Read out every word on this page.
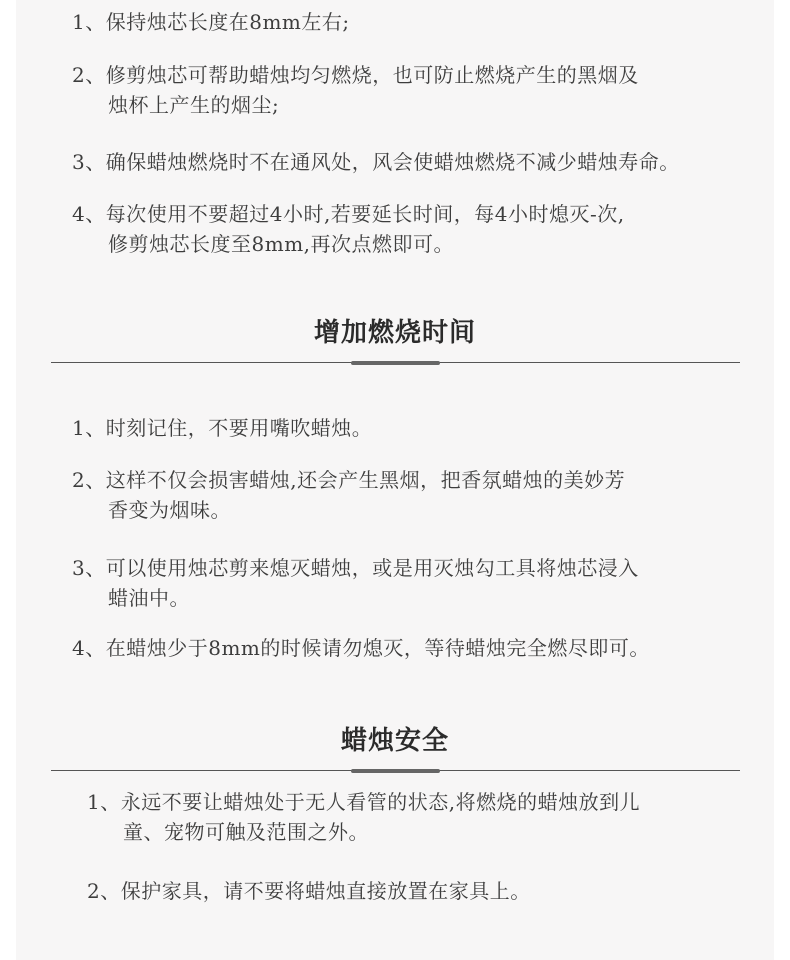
1、保持烛芯长度在8mm左右;
2、修剪烛芯可帮助蜡烛均匀燃烧，也可防止燃烧产生的黑烟及
烛杯上产生的烟尘;
3、确保蜡烛燃烧时不在通风处，风会使蜡烛燃烧不减少蜡烛寿命。
4、每次使用不要超过4小时,若要延长时间，每4小时熄灭-次,
修剪烛芯长度至8mm,再次点燃即可。
增加燃烧时间
1、时刻记住，不要用嘴吹蜡烛。
2、这样不仅会损害蜡烛,还会产生黑烟，把香氛蜡烛的美妙芳
香变为烟味。
3、可以使用烛芯剪来熄灭蜡烛，或是用灭烛勾工具将烛芯浸入
蜡油中。
4、在蜡烛少于8mm的时候请勿熄灭，等待蜡烛完全燃尽即可。
蜡烛安全
1、永远不要让蜡烛处于无人看管的状态,将燃烧的蜡烛放到儿
童、宠物可触及范围之外。
2、保护家具，请不要将蜡烛直接放置在家具上。
